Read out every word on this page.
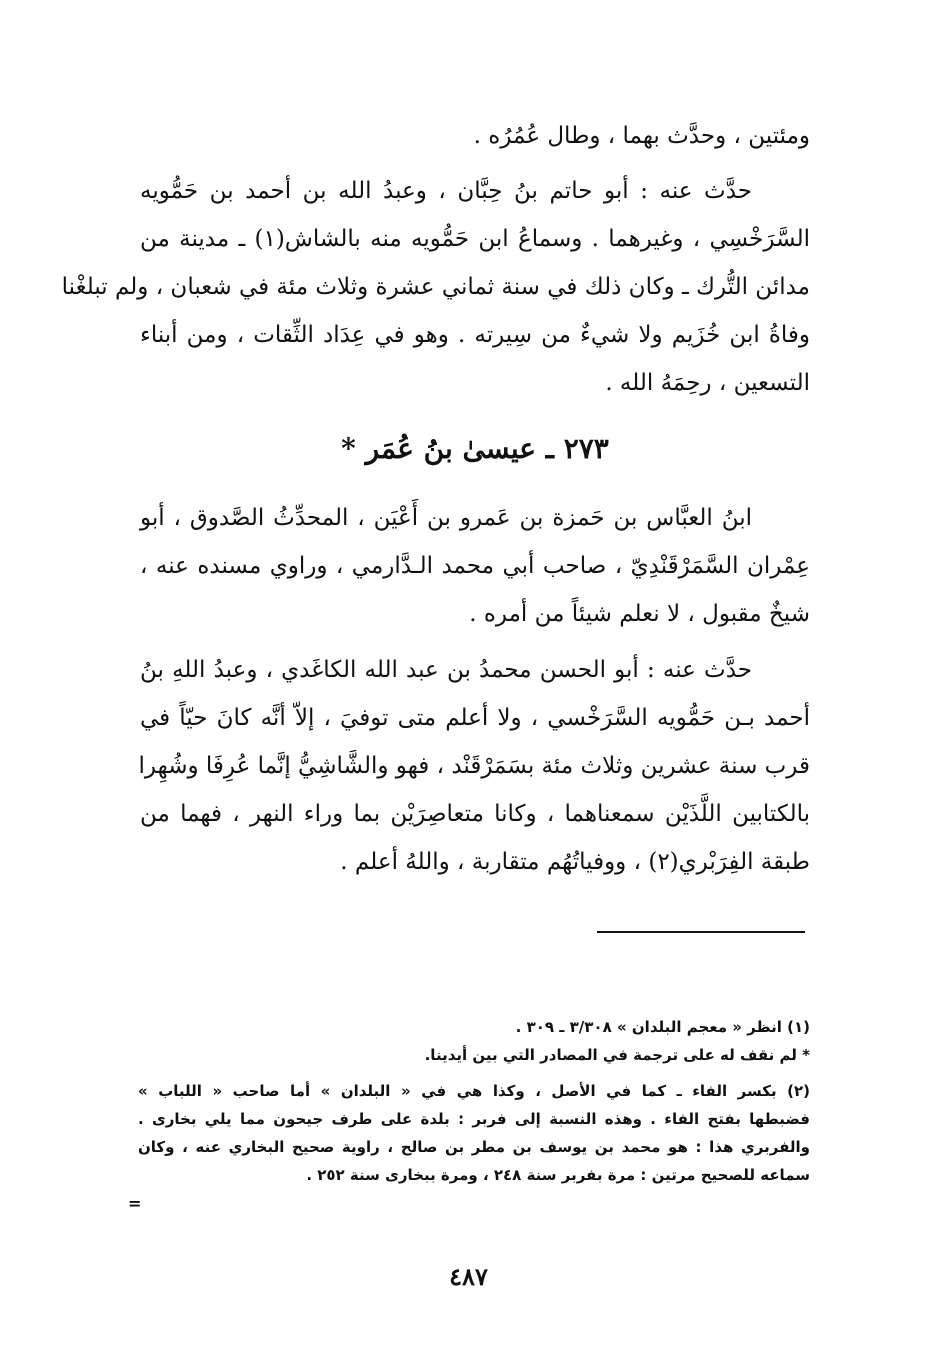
ومئتين ، وحدَّث بهما ، وطال عُمُرُه .
حدَّث عنه : أبو حاتم بنُ حِبَّان ، وعبدُ الله بن أحمد بن حَمُّويه
السَّرَخْسِي ، وغيرهما . وسماعُ ابن حَمُّويه منه بالشاش(١) ـ مدينة من
مدائن التُّرك ـ وكان ذلك في سنة ثماني عشرة وثلاث مئة في شعبان ، ولم تبلغْنا
وفاةُ ابن خُزَيم ولا شيءٌ من سِيرته . وهو في عِدَاد الثِّقات ، ومن أبناء
التسعين ، رحِمَهُ الله .
٢٧٣ ـ عيسىٰ بنُ عُمَر *
ابنُ العبَّاس بن حَمزة بن عَمرو بن أَعْيَن ، المحدِّثُ الصَّدوق ، أبو
عِمْران السَّمَرْقَنْدِيّ ، صاحب أبي محمد الـدَّارمي ، وراوي مسنده عنه ،
شيخٌ مقبول ، لا نعلم شيئاً من أمره .
حدَّث عنه : أبو الحسن محمدُ بن عبد الله الكاغَدي ، وعبدُ اللهِ بنُ
أحمد بـن حَمُّويه السَّرَخْسي ، ولا أعلم متى توفيَ ، إلاّ أنَّه كانَ حيّاً في
قرب سنة عشرين وثلاث مئة بسَمَرْقَنْد ، فهو والشَّاشِيُّ إنَّما عُرِفَا وشُهِرا
بالكتابين اللَّذَيْن سمعناهما ، وكانا متعاصِرَيْن بما وراء النهر ، فهما من
طبقة الفِرَبْري(٢) ، ووفياتُهُم متقاربة ، واللهُ أعلم .
(١) انظر « معجم البلدان » ٣/٣٠٨ ـ ٣٠٩ .
* لم نقف له على ترجمة في المصادر التي بين أيدينا.
(٢) بكسر الفاء ـ كما في الأصل ، وكذا هي في « البلدان » أما صاحب « اللباب »
فضبطها بفتح الفاء . وهذه النسبة إلى فربر : بلدة على طرف جيحون مما يلي بخارى .
والفربري هذا : هو محمد بن يوسف بن مطر بن صالح ، راوية صحيح البخاري عنه ، وكان
سماعه للصحيح مرتين : مرة بفربر سنة ٢٤٨ ، ومرة ببخارى سنة ٢٥٢ .
=
٤٨٧
